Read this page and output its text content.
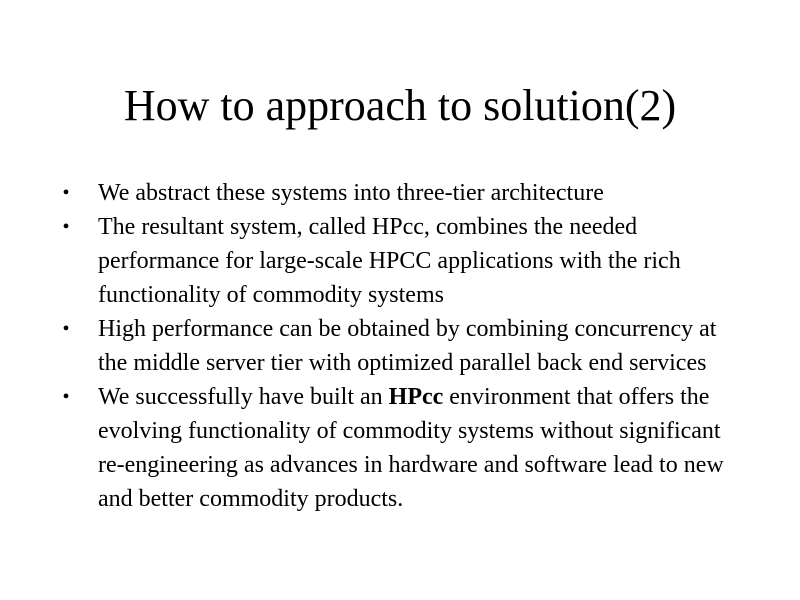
How to approach to solution(2)
• We abstract these systems into three-tier architecture
• The resultant system, called HPcc, combines the needed performance for large-scale HPCC applications with the rich functionality of commodity systems
• High performance can be obtained by combining concurrency at the middle server tier with optimized parallel back end services
• We successfully have built an HPcc environment that offers the evolving functionality of commodity systems without significant re-engineering as advances in hardware and software lead to new and better commodity products.
